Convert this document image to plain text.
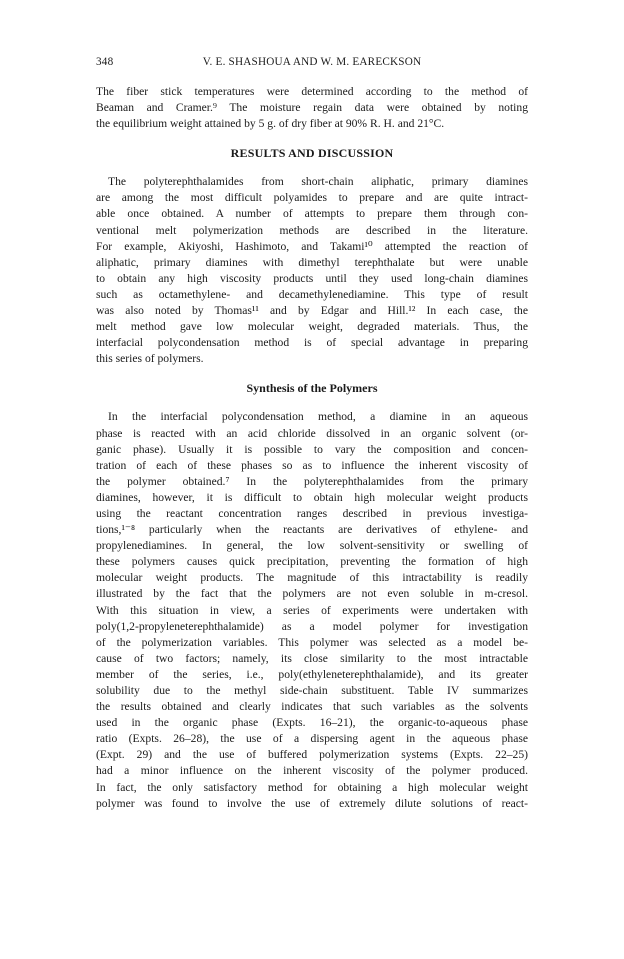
348	V. E. SHASHOUA AND W. M. EARECKSON
The fiber stick temperatures were determined according to the method of
Beaman and Cramer.⁹ The moisture regain data were obtained by noting
the equilibrium weight attained by 5 g. of dry fiber at 90% R. H. and 21°C.
RESULTS AND DISCUSSION
The polyterephthalamides from short-chain aliphatic, primary diamines
are among the most difficult polyamides to prepare and are quite intract-
able once obtained. A number of attempts to prepare them through con-
ventional melt polymerization methods are described in the literature.
For example, Akiyoshi, Hashimoto, and Takami¹⁰ attempted the reaction of
aliphatic, primary diamines with dimethyl terephthalate but were unable
to obtain any high viscosity products until they used long-chain diamines
such as octamethylene- and decamethylenediamine. This type of result
was also noted by Thomas¹¹ and by Edgar and Hill.¹² In each case, the
melt method gave low molecular weight, degraded materials. Thus, the
interfacial polycondensation method is of special advantage in preparing
this series of polymers.
Synthesis of the Polymers
In the interfacial polycondensation method, a diamine in an aqueous
phase is reacted with an acid chloride dissolved in an organic solvent (or-
ganic phase). Usually it is possible to vary the composition and concen-
tration of each of these phases so as to influence the inherent viscosity of
the polymer obtained.⁷ In the polyterephthalamides from the primary
diamines, however, it is difficult to obtain high molecular weight products
using the reactant concentration ranges described in previous investiga-
tions,¹⁻⁸ particularly when the reactants are derivatives of ethylene- and
propylenediamines. In general, the low solvent-sensitivity or swelling of
these polymers causes quick precipitation, preventing the formation of high
molecular weight products. The magnitude of this intractability is readily
illustrated by the fact that the polymers are not even soluble in m-cresol.
With this situation in view, a series of experiments were undertaken with
poly(1,2-propyleneterephthalamide) as a model polymer for investigation
of the polymerization variables. This polymer was selected as a model be-
cause of two factors; namely, its close similarity to the most intractable
member of the series, i.e., poly(ethyleneterephthalamide), and its greater
solubility due to the methyl side-chain substituent. Table IV summarizes
the results obtained and clearly indicates that such variables as the solvents
used in the organic phase (Expts. 16–21), the organic-to-aqueous phase
ratio (Expts. 26–28), the use of a dispersing agent in the aqueous phase
(Expt. 29) and the use of buffered polymerization systems (Expts. 22–25)
had a minor influence on the inherent viscosity of the polymer produced.
In fact, the only satisfactory method for obtaining a high molecular weight
polymer was found to involve the use of extremely dilute solutions of react-
